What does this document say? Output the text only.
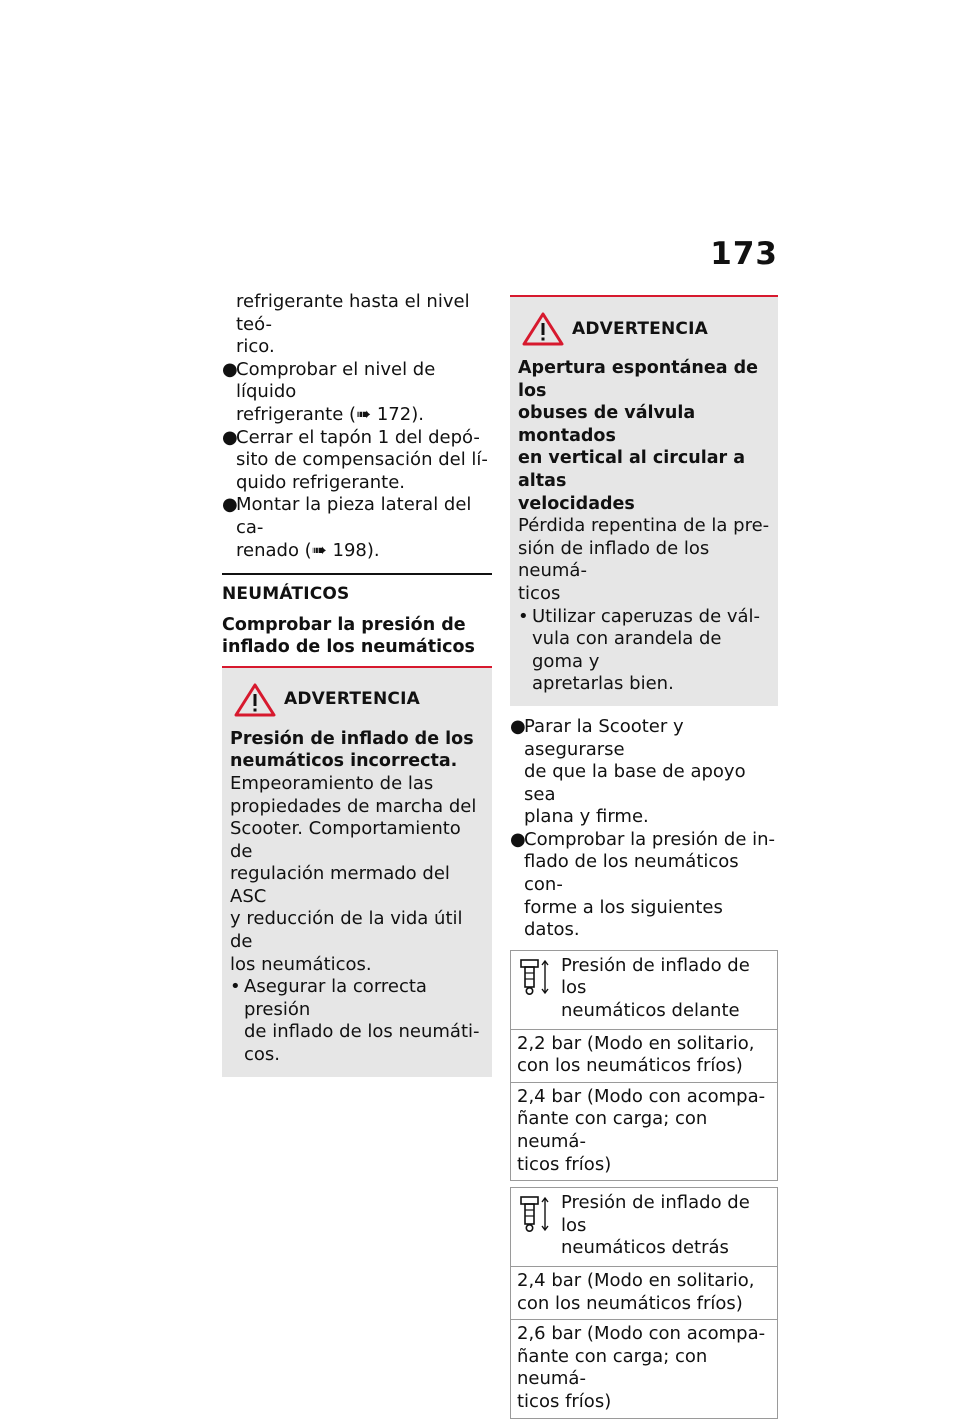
173

refrigerante hasta el nivel teó-

rico.

●
Comprobar el nivel de líquido
refrigerante (➠ 172).
●
Cerrar el tapón 1 del depó-
sito de compensación del lí-
quido refrigerante.
●
Montar la pieza lateral del ca-
renado (➠ 198).
NEUMÁTICOS

Comprobar la presión de

inflado de los neumáticos

ADVERTENCIA

Presión de inflado de los

neumáticos incorrecta.

Empeoramiento de las

propiedades de marcha del

Scooter. Comportamiento de

regulación mermado del ASC

y reducción de la vida útil de

los neumáticos.

• Asegurar la correcta presión
de inflado de los neumáti-
cos.
ADVERTENCIA

Apertura espontánea de los

obuses de válvula montados

en vertical al circular a altas

velocidades

Pérdida repentina de la pre-

sión de inflado de los neumá-

ticos

• Utilizar caperuzas de vál-
vula con arandela de goma y
apretarlas bien.
●
Parar la Scooter y asegurarse
de que la base de apoyo sea
plana y firme.
●
Comprobar la presión de in-
flado de los neumáticos con-
forme a los siguientes datos.
Presión de inflado de los
neumáticos delante
2,2 bar (Modo en solitario,
con los neumáticos fríos)
2,4 bar (Modo con acompa-
ñante con carga; con neumá-
ticos fríos)
Presión de inflado de los
neumáticos detrás
2,4 bar (Modo en solitario,
con los neumáticos fríos)
2,6 bar (Modo con acompa-
ñante con carga; con neumá-
ticos fríos)
